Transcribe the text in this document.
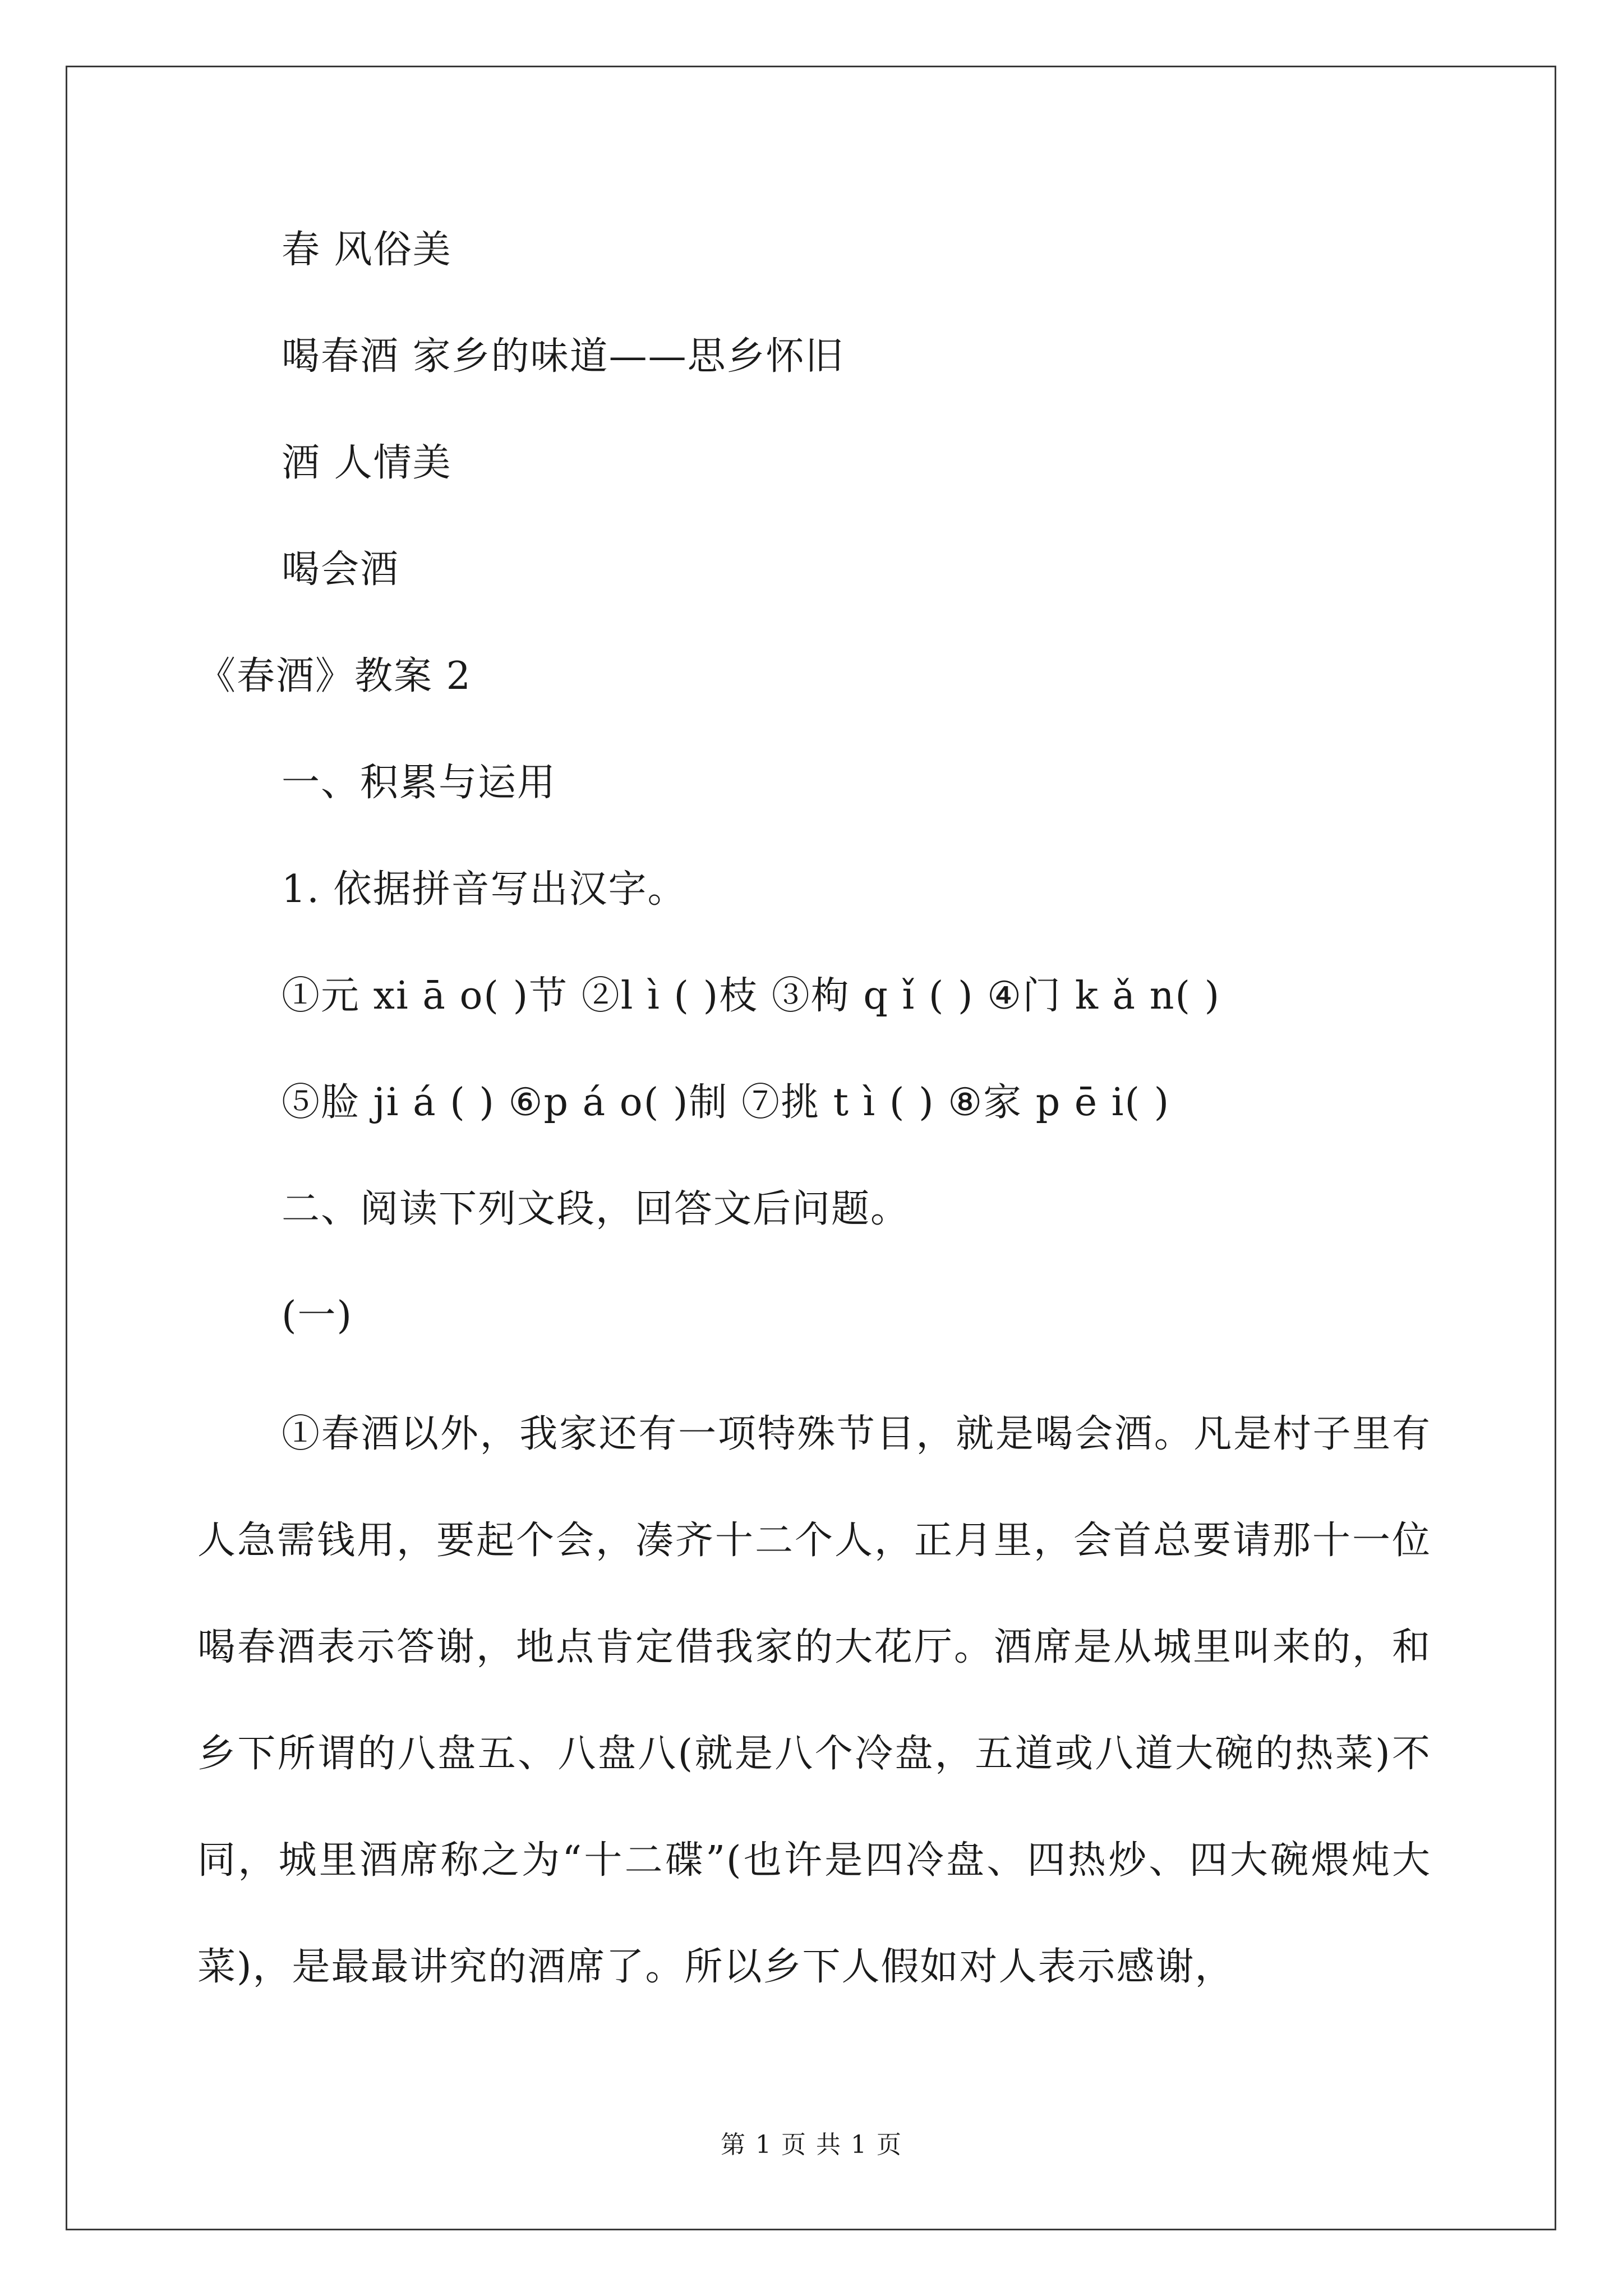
春 风俗美
喝春酒 家乡的味道——思乡怀旧
酒 人情美
喝会酒
《春酒》教案 2
一、积累与运用
1. 依据拼音写出汉字。
①元 xi ā o( )节 ②l ì ( )枝 ③枸 q ǐ ( ) ④门 k ǎ n( )
⑤脸 ji á ( ) ⑥p á o( )制 ⑦挑 t ì ( ) ⑧家 p ē i( )
二、阅读下列文段，回答文后问题。
(一)

①春酒以外，我家还有一项特殊节目，就是喝会酒。凡是村子里有人急需钱用，要起个会，凑齐十二个人，正月里，会首总要请那十一位喝春酒表示答谢，地点肯定借我家的大花厅。酒席是从城里叫来的，和乡下所谓的八盘五、八盘八(就是八个冷盘，五道或八道大碗的热菜)不同，城里酒席称之为“十二碟”(也许是四冷盘、四热炒、四大碗煨炖大菜)，是最最讲究的酒席了。所以乡下人假如对人表示感谢，

第 1 页 共 1 页
